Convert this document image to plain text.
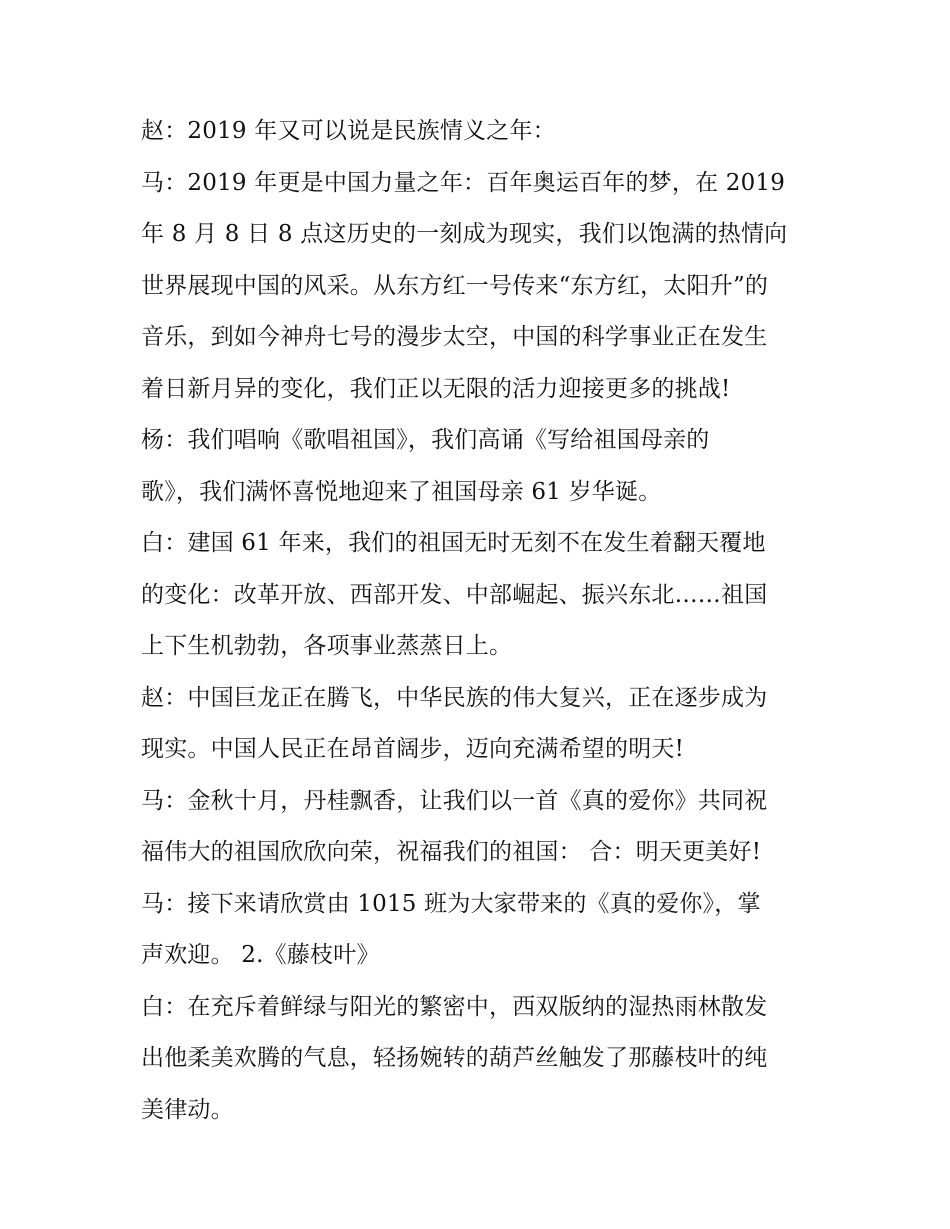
赵：2019 年又可以说是民族情义之年：
马：2019 年更是中国力量之年：百年奥运百年的梦，在 2019
年 8 月 8 日 8 点这历史的一刻成为现实，我们以饱满的热情向
世界展现中国的风采。从东方红一号传来“东方红，太阳升”的
音乐，到如今神舟七号的漫步太空，中国的科学事业正在发生
着日新月异的变化，我们正以无限的活力迎接更多的挑战!
杨：我们唱响《歌唱祖国》，我们高诵《写给祖国母亲的
歌》，我们满怀喜悦地迎来了祖国母亲 61 岁华诞。
白：建国 61 年来，我们的祖国无时无刻不在发生着翻天覆地
的变化：改革开放、西部开发、中部崛起、振兴东北……祖国
上下生机勃勃，各项事业蒸蒸日上。
赵：中国巨龙正在腾飞，中华民族的伟大复兴，正在逐步成为
现实。中国人民正在昂首阔步，迈向充满希望的明天!
马：金秋十月，丹桂飘香，让我们以一首《真的爱你》共同祝
福伟大的祖国欣欣向荣，祝福我们的祖国： 合：明天更美好!
马：接下来请欣赏由 1015 班为大家带来的《真的爱你》，掌
声欢迎。 2.《藤枝叶》
白：在充斥着鲜绿与阳光的繁密中，西双版纳的湿热雨林散发
出他柔美欢腾的气息，轻扬婉转的葫芦丝触发了那藤枝叶的纯
美律动。
